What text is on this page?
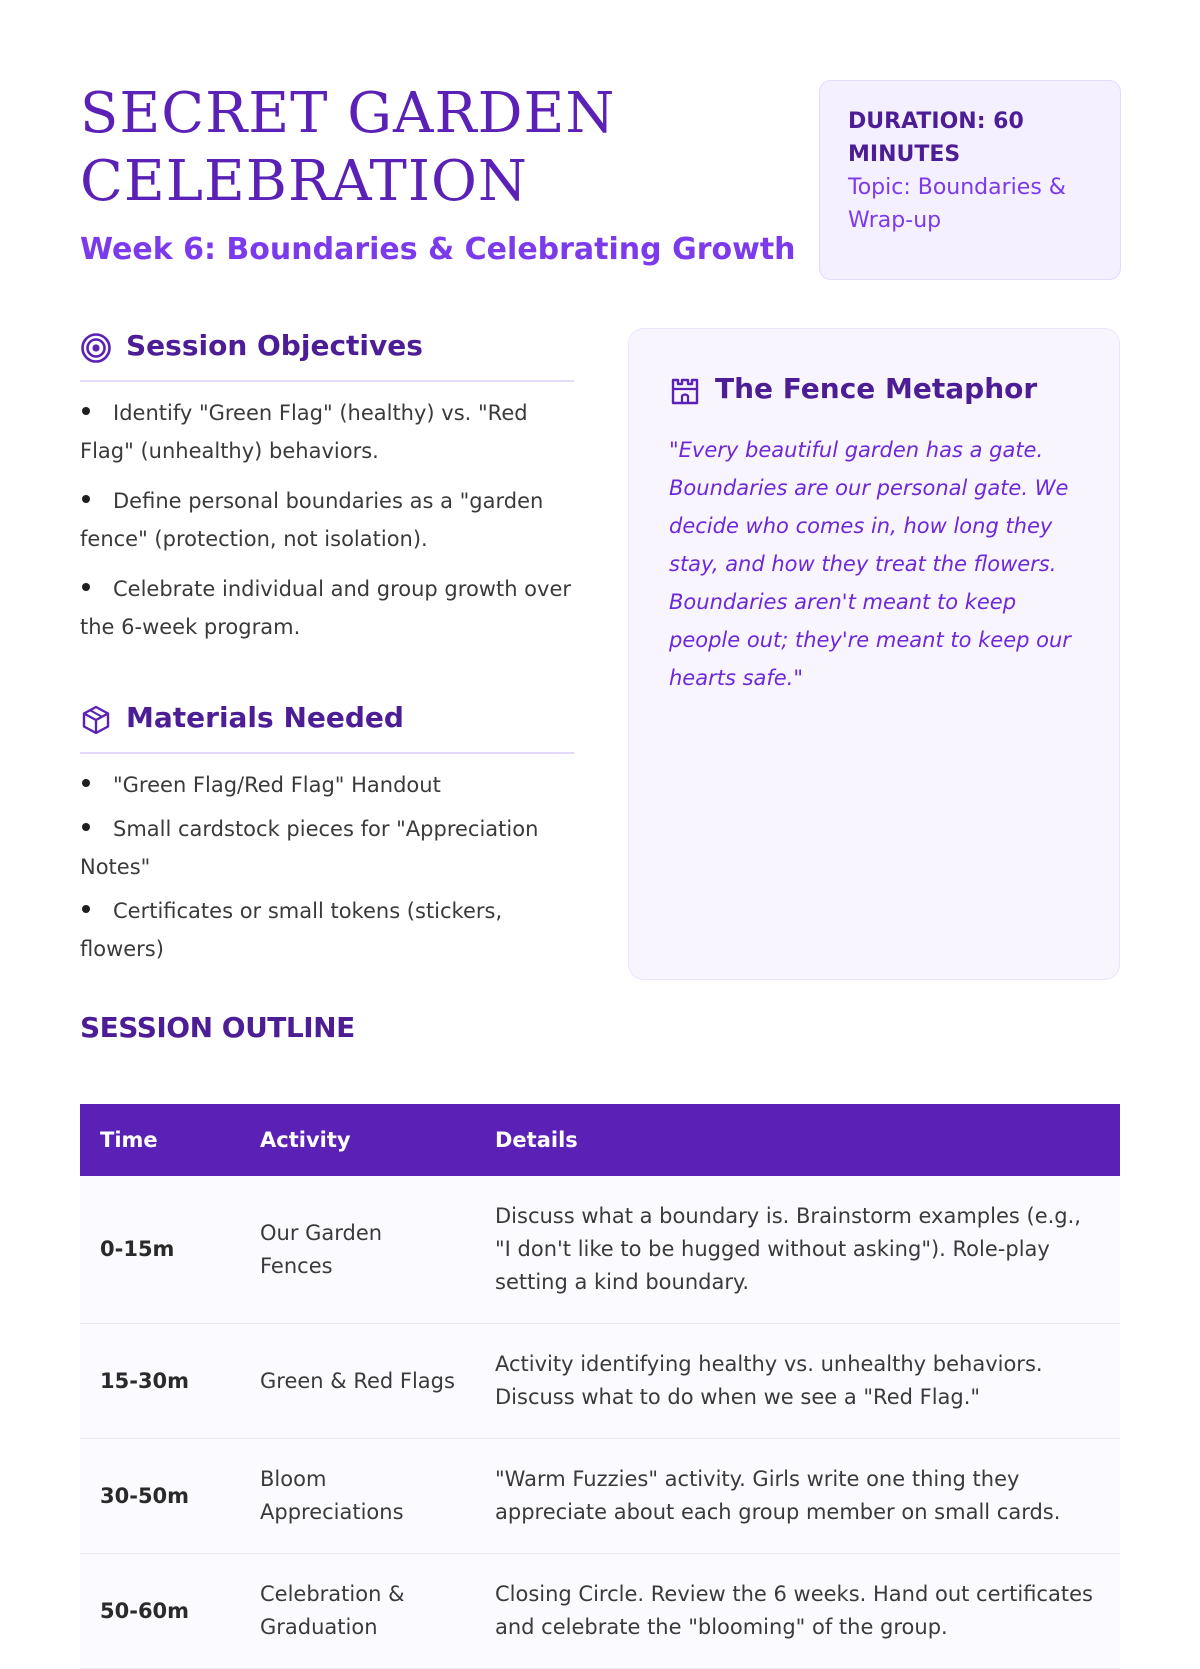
SECRET GARDEN
CELEBRATION
Week 6: Boundaries & Celebrating Growth
DURATION: 60
MINUTES
Topic: Boundaries &
Wrap-up
Session Objectives
Identify "Green Flag" (healthy) vs. "Red Flag" (unhealthy) behaviors.
Define personal boundaries as a "garden fence" (protection, not isolation).
Celebrate individual and group growth over the 6-week program.
Materials Needed
"Green Flag/Red Flag" Handout
Small cardstock pieces for "Appreciation Notes"
Certificates or small tokens (stickers, flowers)
The Fence Metaphor
"Every beautiful garden has a gate. Boundaries are our personal gate. We decide who comes in, how long they stay, and how they treat the flowers. Boundaries aren't meant to keep people out; they're meant to keep our hearts safe."
SESSION OUTLINE
Time	Activity	Details
0-15m	Our Garden Fences	Discuss what a boundary is. Brainstorm examples (e.g., "I don't like to be hugged without asking"). Role-play setting a kind boundary.
15-30m	Green & Red Flags	Activity identifying healthy vs. unhealthy behaviors. Discuss what to do when we see a "Red Flag."
30-50m	Bloom Appreciations	"Warm Fuzzies" activity. Girls write one thing they appreciate about each group member on small cards.
50-60m	Celebration & Graduation	Closing Circle. Review the 6 weeks. Hand out certificates and celebrate the "blooming" of the group.
